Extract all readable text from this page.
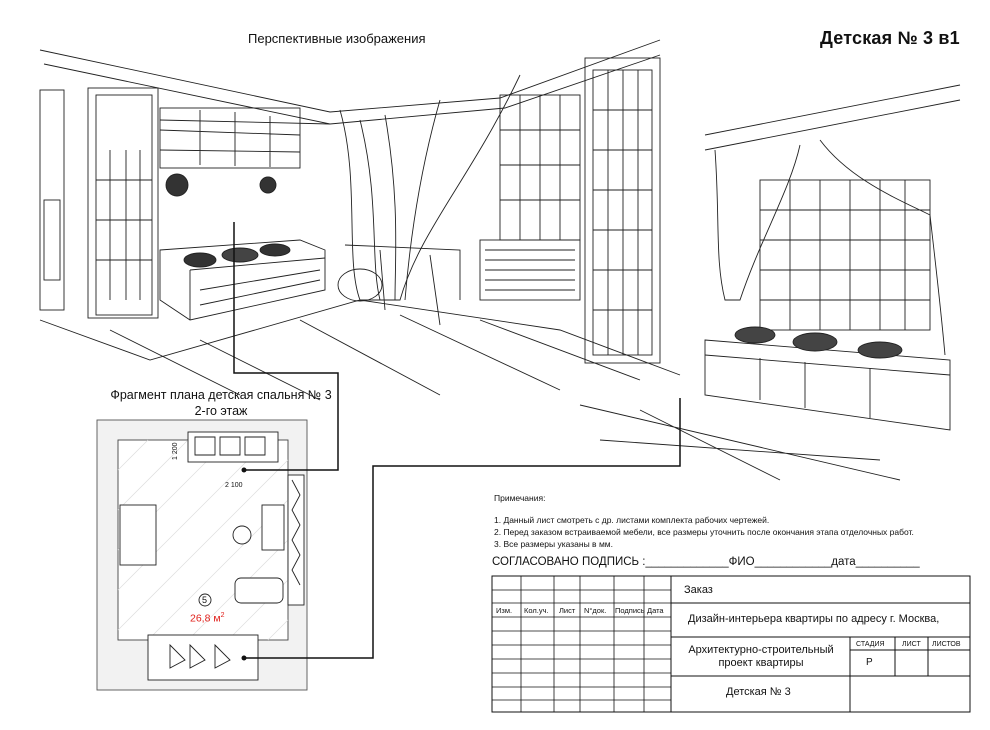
Детская № 3 в1
Перспективные изображения
Фрагмент плана детская спальня № 3
2-го этаж
1 200
2 100
5
26,8 $м^2$
Примечания:
1. Данный лист смотреть с др. листами комплекта рабочих чертежей.
2. Перед заказом встраиваемой мебели, все размеры уточнить после окончания этапа отделочных работ.
3. Все размеры указаны в мм.
СОГЛАСОВАНО ПОДПИСЬ :_____________ФИО____________дата__________
Изм. Кол.уч. Лист N°док. Подпись Дата
Заказ
Дизайн-интерьера квартиры по адресу г. Москва,
Архитектурно-строительный
проект квартиры
Детская № 3
СТАДИЯ ЛИСТ ЛИСТОВ
Р
